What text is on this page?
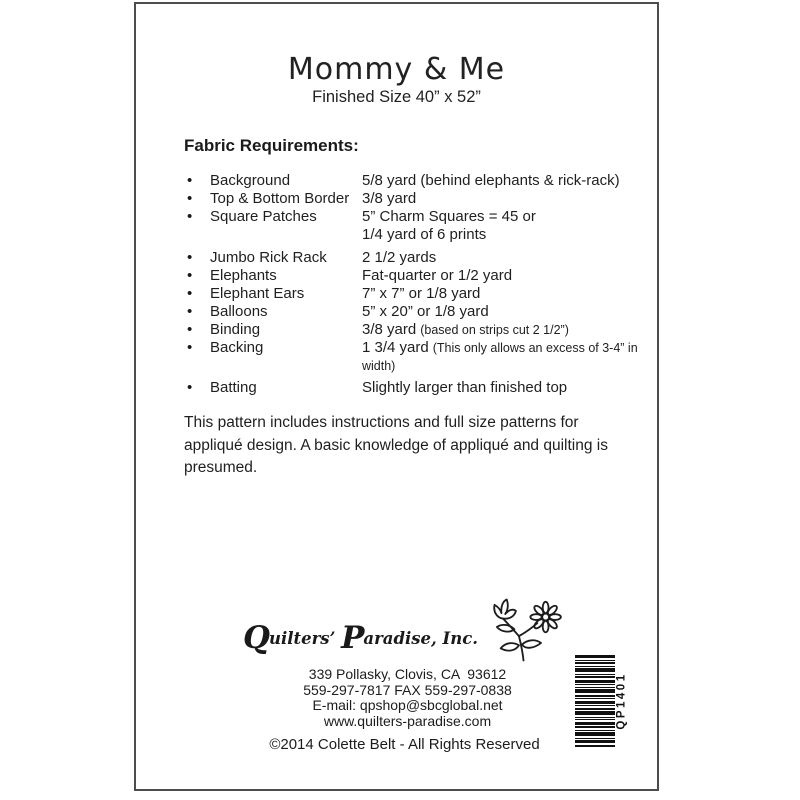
Mommy & Me
Finished Size 40” x 52”
Fabric Requirements:
•
Background	5/8 yard (behind elephants & rick-rack)
•
Top & Bottom Border 3/8 yard
•
Square Patches	5” Charm Squares = 45 or
1/4 yard of 6 prints
•
Jumbo Rick Rack	2 1/2 yards
•
Elephants	Fat-quarter or 1/2 yard
•
Elephant Ears	7” x 7” or 1/8 yard
•
Balloons	5” x 20” or 1/8 yard
•
Binding	3/8 yard (based on strips cut 2 1/2”)
•
Backing	1 3/4 yard (This only allows an excess of 3-4” in width)
•
Batting	Slightly larger than finished top
This pattern includes instructions and full size patterns for
appliqué design. A basic knowledge of appliqué and quilting is
presumed.
Quilters’ Paradise, Inc.
339 Pollasky, Clovis, CA  93612
559-297-7817 FAX 559-297-0838
E-mail: qpshop@sbcglobal.net
www.quilters-paradise.com
©2014 Colette Belt - All Rights Reserved
QP1401
